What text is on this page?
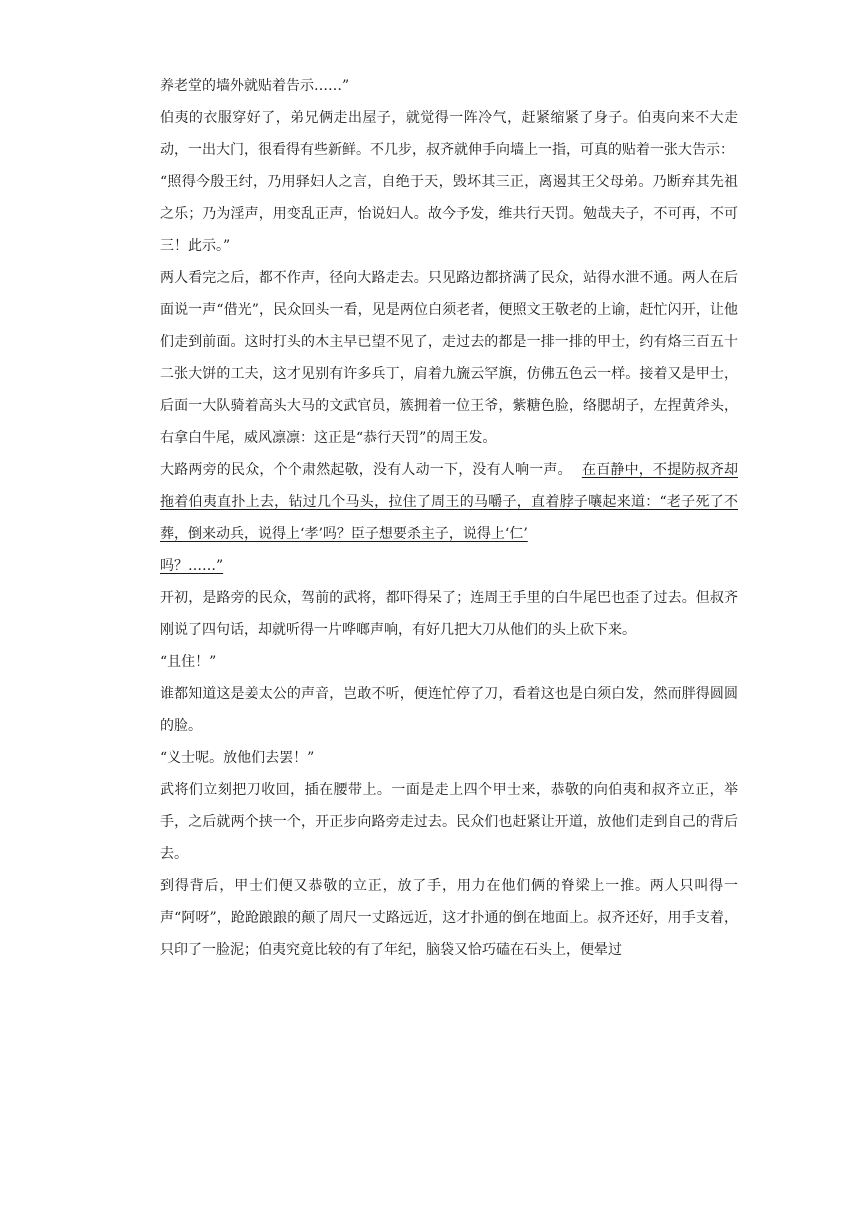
养老堂的墙外就贴着告示……”

伯夷的衣服穿好了，弟兄俩走出屋子，就觉得一阵冷气，赶紧缩紧了身子。伯夷向来不大走动，一出大门，很看得有些新鲜。不几步，叔齐就伸手向墙上一指，可真的贴着一张大告示：

“照得今殷王纣，乃用驿妇人之言，自绝于天，毁坏其三正，离遏其王父母弟。乃断弃其先祖之乐；乃为淫声，用变乱正声，怡说妇人。故今予发，维共行天罚。勉哉夫子，不可再，不可三！此示。”

两人看完之后，都不作声，径向大路走去。只见路边都挤满了民众，站得水泄不通。两人在后面说一声“借光”，民众回头一看，见是两位白须老者，便照文王敬老的上谕，赶忙闪开，让他们走到前面。这时打头的木主早已望不见了，走过去的都是一排一排的甲士，约有烙三百五十二张大饼的工夫，这才见别有许多兵丁，肩着九旒云罕旗，仿佛五色云一样。接着又是甲士，后面一大队骑着高头大马的文武官员，簇拥着一位王爷，紫糖色脸，络腮胡子，左捏黄斧头，右拿白牛尾，威风凛凛：这正是“恭行天罚”的周王发。

大路两旁的民众，个个肃然起敬，没有人动一下，没有人响一声。 在百静中，不提防叔齐却拖着伯夷直扑上去，钻过几个马头，拉住了周王的马嚼子，直着脖子嚷起来道：“老子死了不葬，倒来动兵，说得上‘孝’吗？臣子想要杀主子，说得上‘仁’
吗？……”

开初，是路旁的民众，驾前的武将，都吓得呆了；连周王手里的白牛尾巴也歪了过去。但叔齐刚说了四句话，却就听得一片哗啷声响，有好几把大刀从他们的头上砍下来。

“且住！”

谁都知道这是姜太公的声音，岂敢不听，便连忙停了刀，看着这也是白须白发，然而胖得圆圆的脸。

“义士呢。放他们去罢！”

武将们立刻把刀收回，插在腰带上。一面是走上四个甲士来，恭敬的向伯夷和叔齐立正，举手，之后就两个挟一个，开正步向路旁走过去。民众们也赶紧让开道，放他们走到自己的背后去。

到得背后，甲士们便又恭敬的立正，放了手，用力在他们俩的脊梁上一推。两人只叫得一声“阿呀”，跄跄踉踉的颠了周尺一丈路远近，这才扑通的倒在地面上。叔齐还好，用手支着，只印了一脸泥；伯夷究竟比较的有了年纪，脑袋又恰巧磕在石头上，便晕过
